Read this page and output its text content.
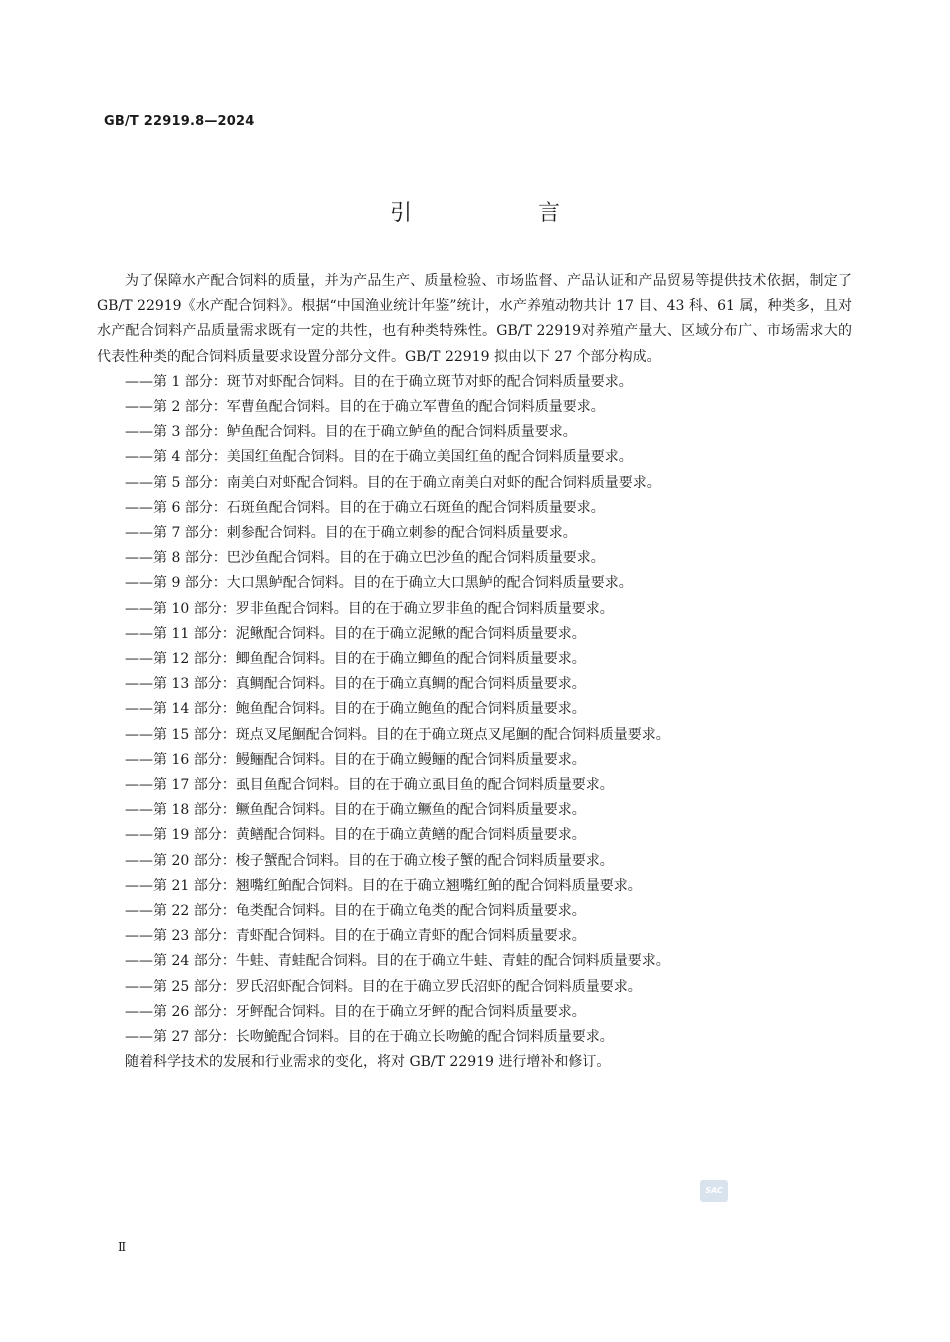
GB/T 22919.8—2024
引　言

为了保障水产配合饲料的质量，并为产品生产、质量检验、市场监督、产品认证和产品贸易等提供技术依据，制定了 GB/T 22919《水产配合饲料》。根据“中国渔业统计年鉴”统计，水产养殖动物共计 17 目、43 科、61 属，种类多，且对水产配合饲料产品质量需求既有一定的共性，也有种类特殊性。GB/T 22919对养殖产量大、区域分布广、市场需求大的代表性种类的配合饲料质量要求设置分部分文件。GB/T 22919 拟由以下 27 个部分构成。

——第 1 部分：斑节对虾配合饲料。目的在于确立斑节对虾的配合饲料质量要求。

——第 2 部分：军曹鱼配合饲料。目的在于确立军曹鱼的配合饲料质量要求。

——第 3 部分：鲈鱼配合饲料。目的在于确立鲈鱼的配合饲料质量要求。

——第 4 部分：美国红鱼配合饲料。目的在于确立美国红鱼的配合饲料质量要求。

——第 5 部分：南美白对虾配合饲料。目的在于确立南美白对虾的配合饲料质量要求。

——第 6 部分：石斑鱼配合饲料。目的在于确立石斑鱼的配合饲料质量要求。

——第 7 部分：刺参配合饲料。目的在于确立刺参的配合饲料质量要求。

——第 8 部分：巴沙鱼配合饲料。目的在于确立巴沙鱼的配合饲料质量要求。

——第 9 部分：大口黑鲈配合饲料。目的在于确立大口黑鲈的配合饲料质量要求。

——第 10 部分：罗非鱼配合饲料。目的在于确立罗非鱼的配合饲料质量要求。

——第 11 部分：泥鳅配合饲料。目的在于确立泥鳅的配合饲料质量要求。

——第 12 部分：鲫鱼配合饲料。目的在于确立鲫鱼的配合饲料质量要求。

——第 13 部分：真鲷配合饲料。目的在于确立真鲷的配合饲料质量要求。

——第 14 部分：鲍鱼配合饲料。目的在于确立鲍鱼的配合饲料质量要求。

——第 15 部分：斑点叉尾鮰配合饲料。目的在于确立斑点叉尾鮰的配合饲料质量要求。

——第 16 部分：鳗鲡配合饲料。目的在于确立鳗鲡的配合饲料质量要求。

——第 17 部分：虱目鱼配合饲料。目的在于确立虱目鱼的配合饲料质量要求。

——第 18 部分：鳜鱼配合饲料。目的在于确立鳜鱼的配合饲料质量要求。

——第 19 部分：黄鳝配合饲料。目的在于确立黄鳝的配合饲料质量要求。

——第 20 部分：梭子蟹配合饲料。目的在于确立梭子蟹的配合饲料质量要求。

——第 21 部分：翘嘴红鲌配合饲料。目的在于确立翘嘴红鲌的配合饲料质量要求。

——第 22 部分：龟类配合饲料。目的在于确立龟类的配合饲料质量要求。

——第 23 部分：青虾配合饲料。目的在于确立青虾的配合饲料质量要求。

——第 24 部分：牛蛙、青蛙配合饲料。目的在于确立牛蛙、青蛙的配合饲料质量要求。

——第 25 部分：罗氏沼虾配合饲料。目的在于确立罗氏沼虾的配合饲料质量要求。

——第 26 部分：牙鲆配合饲料。目的在于确立牙鲆的配合饲料质量要求。

——第 27 部分：长吻鮠配合饲料。目的在于确立长吻鮠的配合饲料质量要求。

随着科学技术的发展和行业需求的变化，将对 GB/T 22919 进行增补和修订。

SAC
Ⅱ
